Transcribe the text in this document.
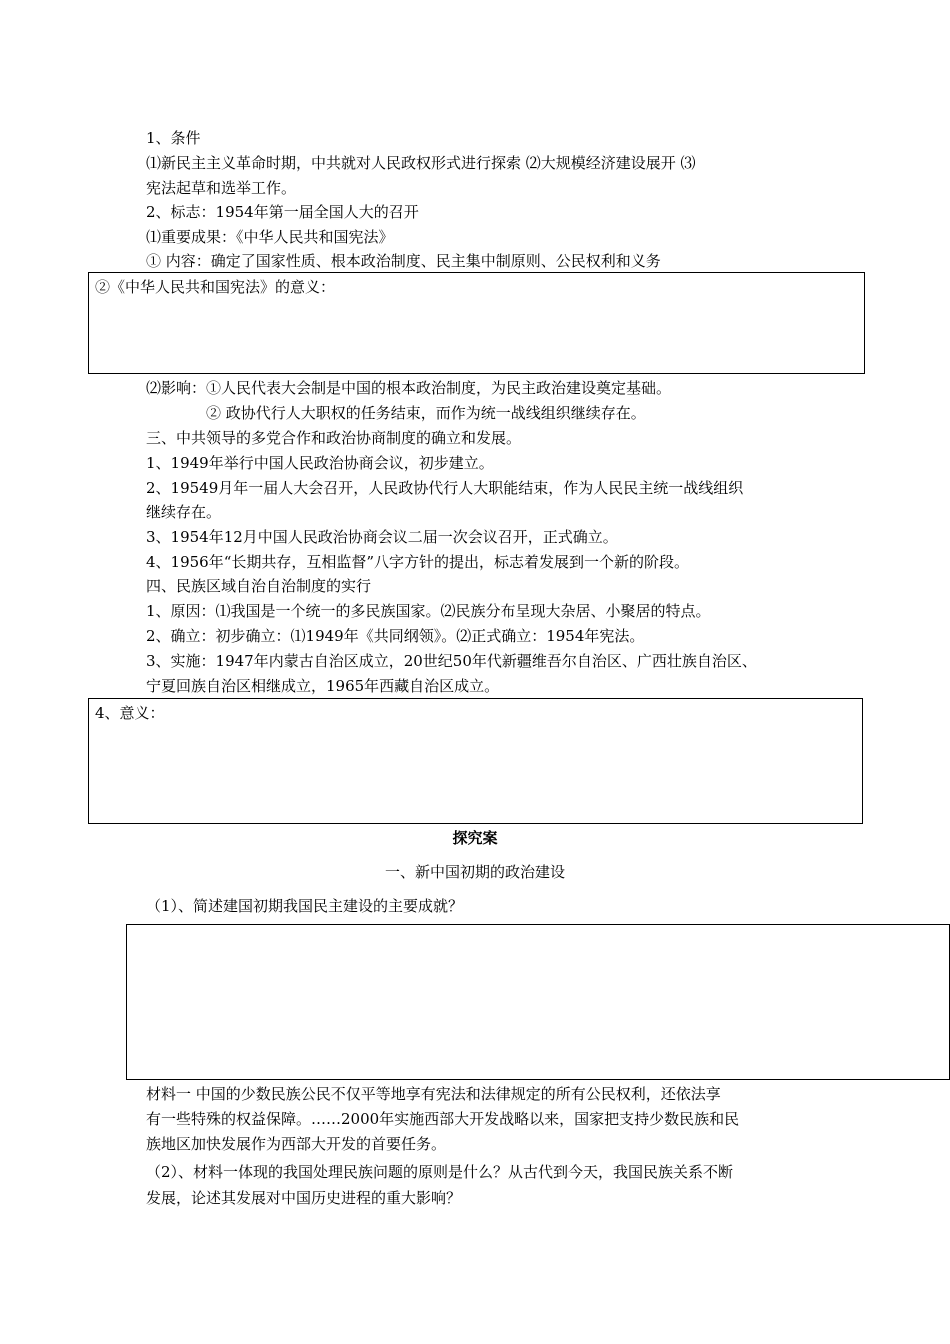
1、条件
⑴新民主主义革命时期，中共就对人民政权形式进行探索 ⑵大规模经济建设展开 ⑶
宪法起草和选举工作。
2、标志：1954年第一届全国人大的召开
⑴重要成果：《中华人民共和国宪法》
① 内容：确定了国家性质、根本政治制度、民主集中制原则、公民权利和义务
②《中华人民共和国宪法》的意义：
⑵影响：①人民代表大会制是中国的根本政治制度，为民主政治建设奠定基础。
② 政协代行人大职权的任务结束，而作为统一战线组织继续存在。
三、中共领导的多党合作和政治协商制度的确立和发展。
1、1949年举行中国人民政治协商会议，初步建立。
2、19549月年一届人大会召开，人民政协代行人大职能结束，作为人民民主统一战线组织
继续存在。
3、1954年12月中国人民政治协商会议二届一次会议召开，正式确立。
4、1956年“长期共存，互相监督”八字方针的提出，标志着发展到一个新的阶段。
四、民族区域自治自治制度的实行
1、原因：⑴我国是一个统一的多民族国家。⑵民族分布呈现大杂居、小聚居的特点。
2、确立：初步确立：⑴1949年《共同纲领》。⑵正式确立：1954年宪法。
3、实施：1947年内蒙古自治区成立，20世纪50年代新疆维吾尔自治区、广西壮族自治区、
宁夏回族自治区相继成立，1965年西藏自治区成立。
4、意义：
探究案
一、新中国初期的政治建设
（1）、简述建国初期我国民主建设的主要成就？
材料一 中国的少数民族公民不仅平等地享有宪法和法律规定的所有公民权利，还依法享
有一些特殊的权益保障。……2000年实施西部大开发战略以来，国家把支持少数民族和民
族地区加快发展作为西部大开发的首要任务。
（2）、材料一体现的我国处理民族问题的原则是什么？从古代到今天，我国民族关系不断
发展，论述其发展对中国历史进程的重大影响？
